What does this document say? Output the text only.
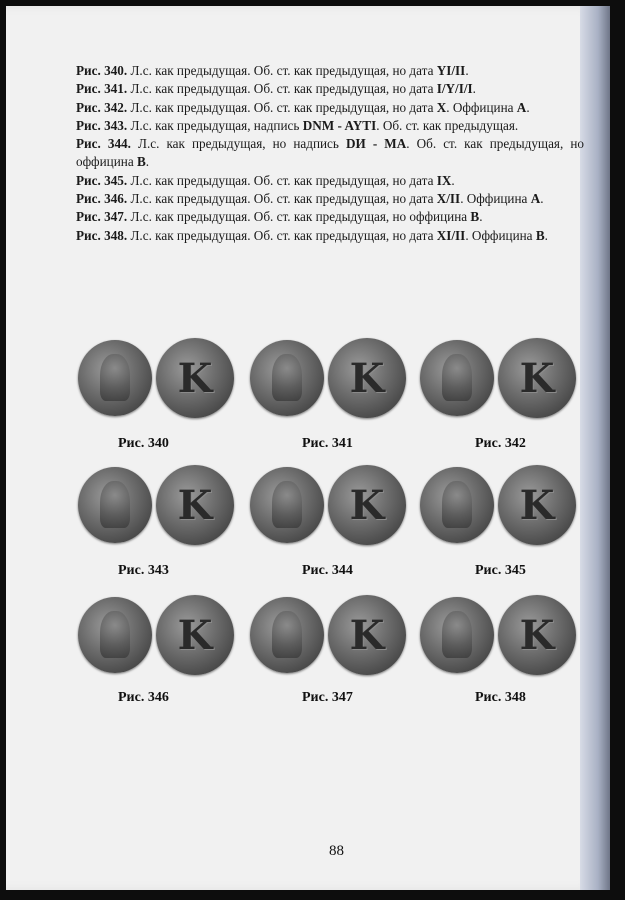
Рис. 340. Л.с. как предыдущая. Об. ст. как предыдущая, но дата YI/II.

Рис. 341. Л.с. как предыдущая. Об. ст. как предыдущая, но дата I/Y/I/I.

Рис. 342. Л.с. как предыдущая. Об. ст. как предыдущая, но дата X. Оффицина А.

Рис. 343. Л.с. как предыдущая, надпись DNM - AYTI. Об. ст. как предыдущая.

Рис. 344. Л.с. как предыдущая, но надпись DИ - МА. Об. ст. как предыдущая, но оффицина В.

Рис. 345. Л.с. как предыдущая. Об. ст. как предыдущая, но дата IX.

Рис. 346. Л.с. как предыдущая. Об. ст. как предыдущая, но дата X/II. Оффицина А.

Рис. 347. Л.с. как предыдущая. Об. ст. как предыдущая, но оффицина В.

Рис. 348. Л.с. как предыдущая. Об. ст. как предыдущая, но дата XI/II. Оффицина В.

Κ
Рис. 340
Κ
Рис. 341
Κ
Рис. 342
Κ
Рис. 343
Κ
Рис. 344
Κ
Рис. 345
Κ
Рис. 346
Κ
Рис. 347
Κ
Рис. 348
88
